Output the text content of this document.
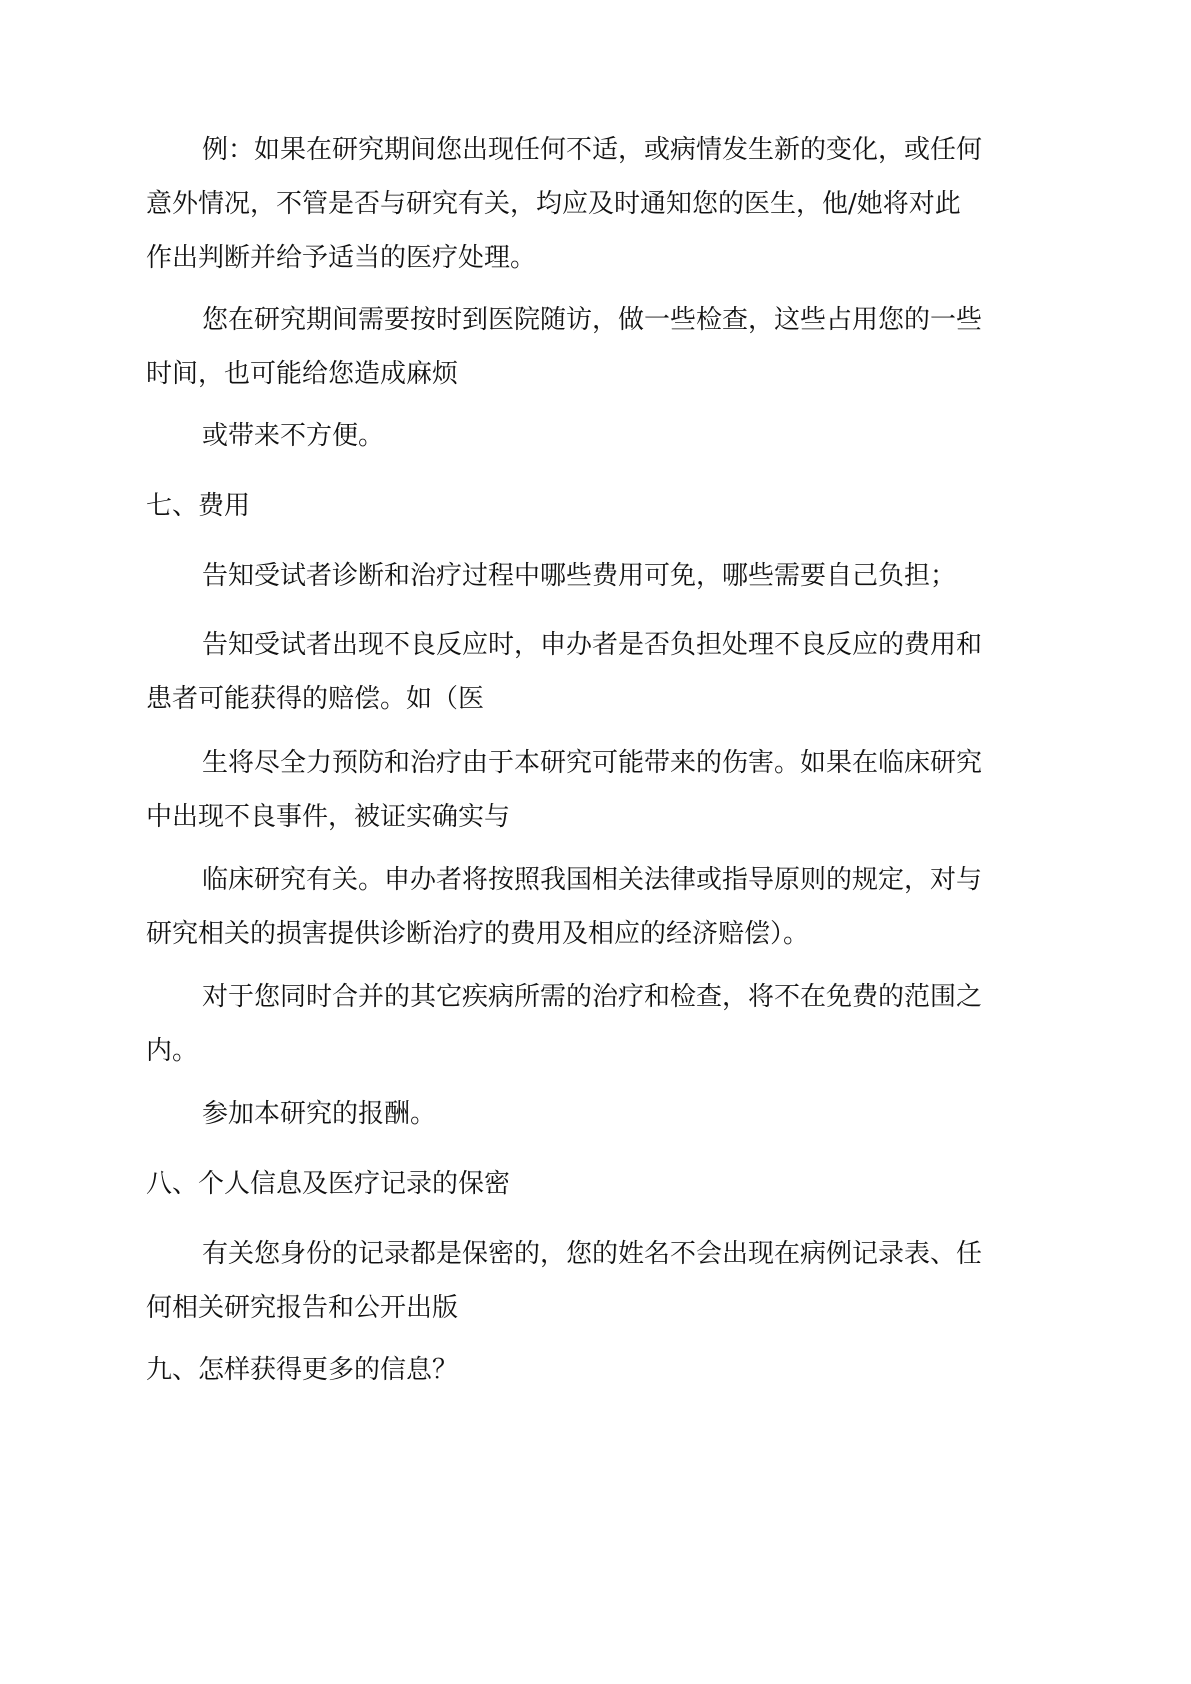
例：如果在研究期间您出现任何不适，或病情发生新的变化，或任何
意外情况，不管是否与研究有关，均应及时通知您的医生，他/她将对此
作出判断并给予适当的医疗处理。

您在研究期间需要按时到医院随访，做一些检查，这些占用您的一些
时间，也可能给您造成麻烦

或带来不方便。

七、费用

告知受试者诊断和治疗过程中哪些费用可免，哪些需要自己负担；

告知受试者出现不良反应时，申办者是否负担处理不良反应的费用和
患者可能获得的赔偿。如（医

生将尽全力预防和治疗由于本研究可能带来的伤害。如果在临床研究
中出现不良事件，被证实确实与

临床研究有关。申办者将按照我国相关法律或指导原则的规定，对与
研究相关的损害提供诊断治疗的费用及相应的经济赔偿）。

对于您同时合并的其它疾病所需的治疗和检查，将不在免费的范围之
内。

参加本研究的报酬。

八、个人信息及医疗记录的保密

有关您身份的记录都是保密的，您的姓名不会出现在病例记录表、任
何相关研究报告和公开出版

九、怎样获得更多的信息？
